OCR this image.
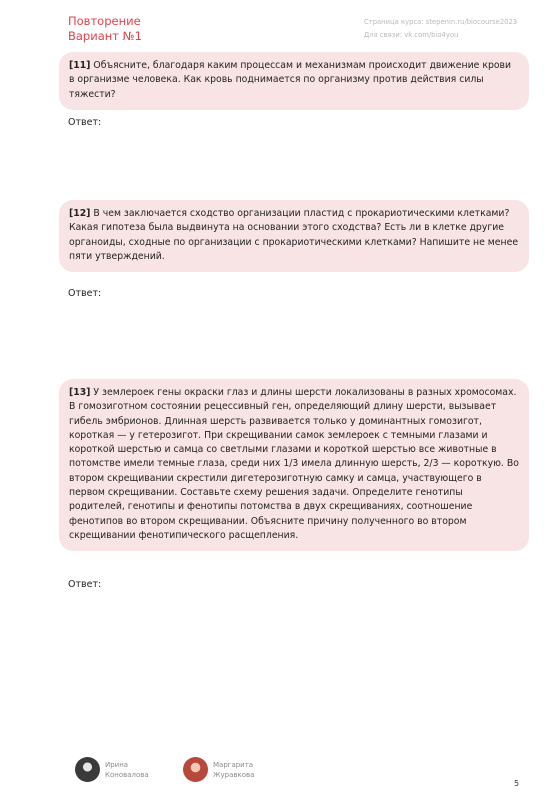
Повторение
Вариант №1
Страница курса: stepenin.ru/biocourse2023
Для связи: vk.com/bio4you
[11] Объясните, благодаря каким процессам и механизмам происходит движение крови в организме человека. Как кровь поднимается по организму против действия силы тяжести?
Ответ:
[12] В чем заключается сходство организации пластид с прокариотическими клетками? Какая гипотеза была выдвинута на основании этого сходства? Есть ли в клетке другие органоиды, сходные по организации с прокариотическими клетками? Напишите не менее пяти утверждений.
Ответ:
[13] У землероек гены окраски глаз и длины шерсти локализованы в разных хромосомах. В гомозиготном состоянии рецессивный ген, определяющий длину шерсти, вызывает гибель эмбрионов. Длинная шерсть развивается только у доминантных гомозигот, короткая — у гетерозигот. При скрещивании самок землероек с темными глазами и короткой шерстью и самца со светлыми глазами и короткой шерстью все животные в потомстве имели темные глаза, среди них 1/3 имела длинную шерсть, 2/3 — короткую. Во втором скрещивании скрестили дигетерозиготную самку и самца, участвующего в первом скрещивании. Составьте схему решения задачи. Определите генотипы родителей, генотипы и фенотипы потомства в двух скрещиваниях, соотношение фенотипов во втором скрещивании. Объясните причину полученного во втором скрещивании фенотипического расщепления.
Ответ:
Ирина
Коновалова
Маргарита
Журавкова
5
